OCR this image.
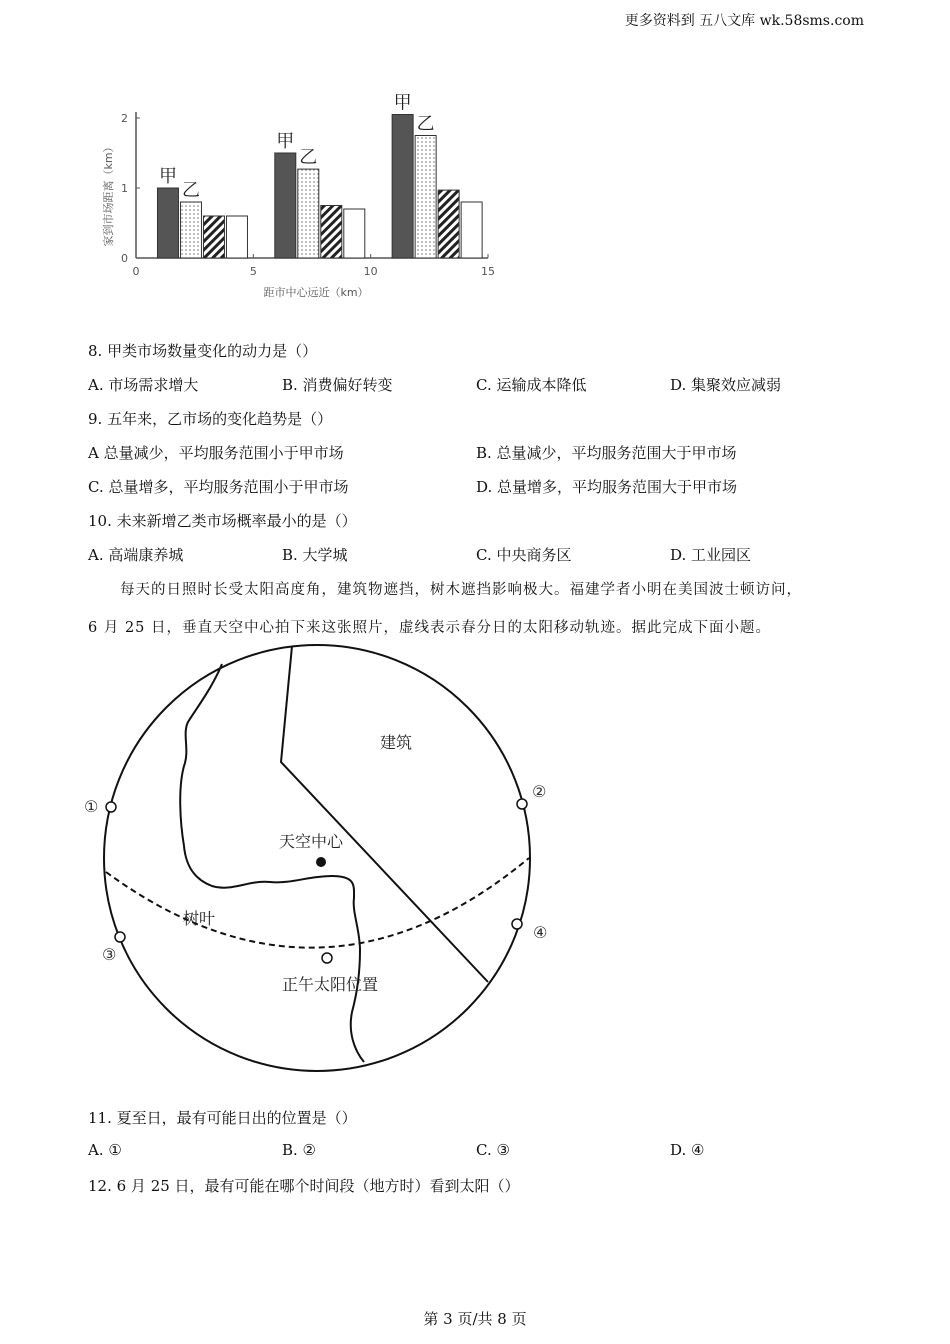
更多资料到 五八文库 wk.58sms.com
0	5	10	15
0
1
2
甲
乙
甲
乙
甲
乙
家到市场距离（km）
距市中心远近（km）
8. 甲类市场数量变化的动力是（）
A. 市场需求增大	B. 消费偏好转变	C. 运输成本降低	D. 集聚效应减弱
9. 五年来，乙市场的变化趋势是（）
A 总量减少，平均服务范围小于甲市场	B. 总量减少，平均服务范围大于甲市场
C. 总量增多，平均服务范围小于甲市场	D. 总量增多，平均服务范围大于甲市场
10. 未来新增乙类市场概率最小的是（）
A. 高端康养城	B. 大学城	C. 中央商务区	D. 工业园区
每天的日照时长受太阳高度角，建筑物遮挡，树木遮挡影响极大。福建学者小明在美国波士顿访问，
6 月 25 日，垂直天空中心拍下来这张照片，虚线表示春分日的太阳移动轨迹。据此完成下面小题。
建筑
天空中心
树叶
正午太阳位置
①
②
③
④
11. 夏至日，最有可能日出的位置是（）
A. ①	B. ②	C. ③	D. ④
12. 6 月 25 日，最有可能在哪个时间段（地方时）看到太阳（）
第 3 页/共 8 页
